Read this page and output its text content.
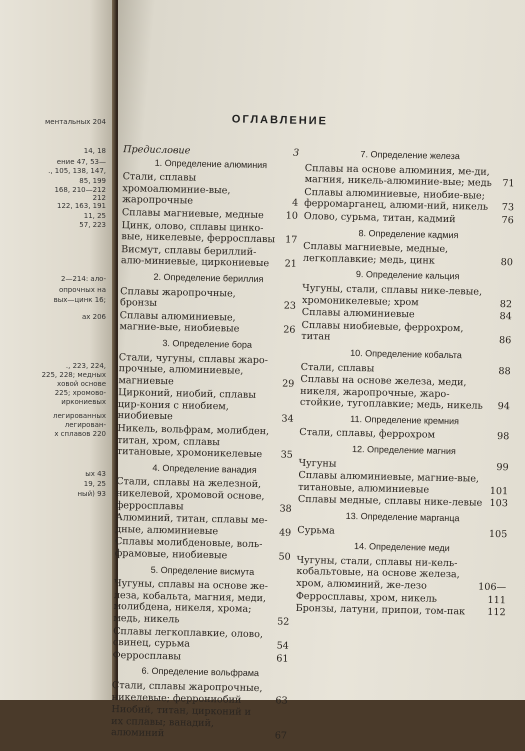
ментальных 204
14, 18
ение 47, 53—
., 105, 138, 147,
85, 199
168, 210—212
212
122, 163, 191
11, 25
57, 223
2—214: ало-
опрочных на
вых—цинк 16;
ах 206
., 223, 224,
225, 228; медных
ховой основе
225; хромово-
иркониевых
легированных
легирован-
х сплавов 220
ых 43
19, 25
ный) 93
ОГЛАВЛЕНИЕ
Предисловие	3
1. Определение алюминия
Стали, сплавы хромоалюминие-вые, жаропрочные	4
Сплавы магниевые, медные	10
Цинк, олово, сплавы цинко-вые, никелевые, ферросплавы 17
Висмут, сплавы бериллий-алю-миниевые, циркониевые	21
2. Определение бериллия
Сплавы жаропрочные, бронзы	23
Сплавы алюминиевые, магние-вые, ниобиевые	26
3. Определение бора
Стали, чугуны, сплавы жаро-прочные, алюминиевые, магниевые	29
Цирконий, ниобий, сплавы цир-кония с ниобием, ниобиевые	34
Никель, вольфрам, молибден, титан, хром, сплавы титановые, хромоникелевые	35
4. Определение ванадия
Стали, сплавы на железной, никелевой, хромовой основе, ферросплавы	38
Алюминий, титан, сплавы ме-дные, алюминиевые	49
Сплавы молибденовые, воль-фрамовые, ниобиевые	50
5. Определение висмута
Чугуны, сплавы на основе же-леза, кобальта, магния, меди, молибдена, никеля, хрома; медь, никель	52
Сплавы легкоплавкие, олово, свинец, сурьма	54
Ферросплавы	61
6. Определение вольфрама
Стали, сплавы жаропрочные, никелевые; феррониобий	63
Ниобий, титан, цирконий и их сплавы; ванадий, алюминий	67
7. Определение железа
Сплавы на основе алюминия, ме-ди, магния, никель-алюминие-вые; медь 71
Сплавы алюминиевые, ниобие-вые; ферромарганец, алюми-ний, никель	73
Олово, сурьма, титан, кадмий	76
8. Определение кадмия
Сплавы магниевые, медные, легкоплавкие; медь, цинк	80
9. Определение кальция
Чугуны, стали, сплавы нике-левые, хромоникелевые; хром	82
Сплавы алюминиевые	84
Сплавы ниобиевые, феррохром, титан	86
10. Определение кобальта
Стали, сплавы	88
Сплавы на основе железа, меди, никеля, жаропрочные, жаро-стойкие, тугоплавкие; медь, никель	94
11. Определение кремния
Стали, сплавы, феррохром	98
12. Определение магния
Чугуны	99
Сплавы алюминиевые, магние-вые, титановые, алюминиевые	101
Сплавы медные, сплавы нике-левые 103
13. Определение марганца
Сурьма	105
14. Определение меди
Чугуны, стали, сплавы ни-кель-кобальтовые, на основе железа, хром, алюминий, же-лезо	106—
Ферросплавы, хром, никель	111
Бронзы, латуни, припои, том-пак	112
